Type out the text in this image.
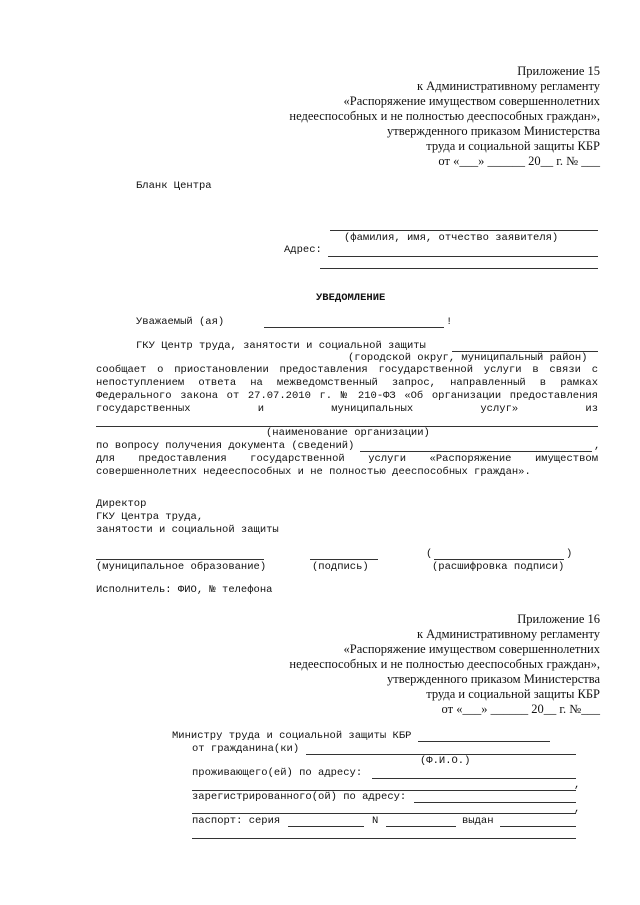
Приложение 15
к Административному регламенту
«Распоряжение имуществом совершеннолетних
недееспособных и не полностью дееспособных граждан»,
утвержденного приказом Министерства
труда и социальной защиты КБР
от «___» ______ 20__ г. № ___
Бланк Центра
(фамилия, имя, отчество заявителя)
Адрес:
УВЕДОМЛЕНИЕ
Уважаемый (ая)	!
ГКУ Центр труда, занятости и социальной защиты
(городской округ, муниципальный район)
сообщает о приостановлении предоставления государственной услуги в связи с
непоступлением ответа на межведомственный запрос, направленный в рамках
Федерального закона от 27.07.2010 г. № 210-ФЗ «Об организации предоставления
государственных и муниципальных услуг» из
(наименование организации)
по вопросу получения документа (сведений)	,
для предоставления государственной услуги «Распоряжение имуществом
совершеннолетних недееспособных и не полностью дееспособных граждан».
Директор
ГКУ Центра труда,
занятости и социальной защиты
(	)
(муниципальное образование)	(подпись)	(расшифровка подписи)
Исполнитель: ФИО, № телефона
Приложение 16
к Административному регламенту
«Распоряжение имуществом совершеннолетних
недееспособных и не полностью дееспособных граждан»,
утвержденного приказом Министерства
труда и социальной защиты КБР
от «___» ______ 20__ г. №___
Министру труда и социальной защиты КБР
от гражданина(ки)
(Ф.И.О.)
проживающего(ей) по адресу:
,
зарегистрированного(ой) по адресу:
,
паспорт: серия	N	выдан
